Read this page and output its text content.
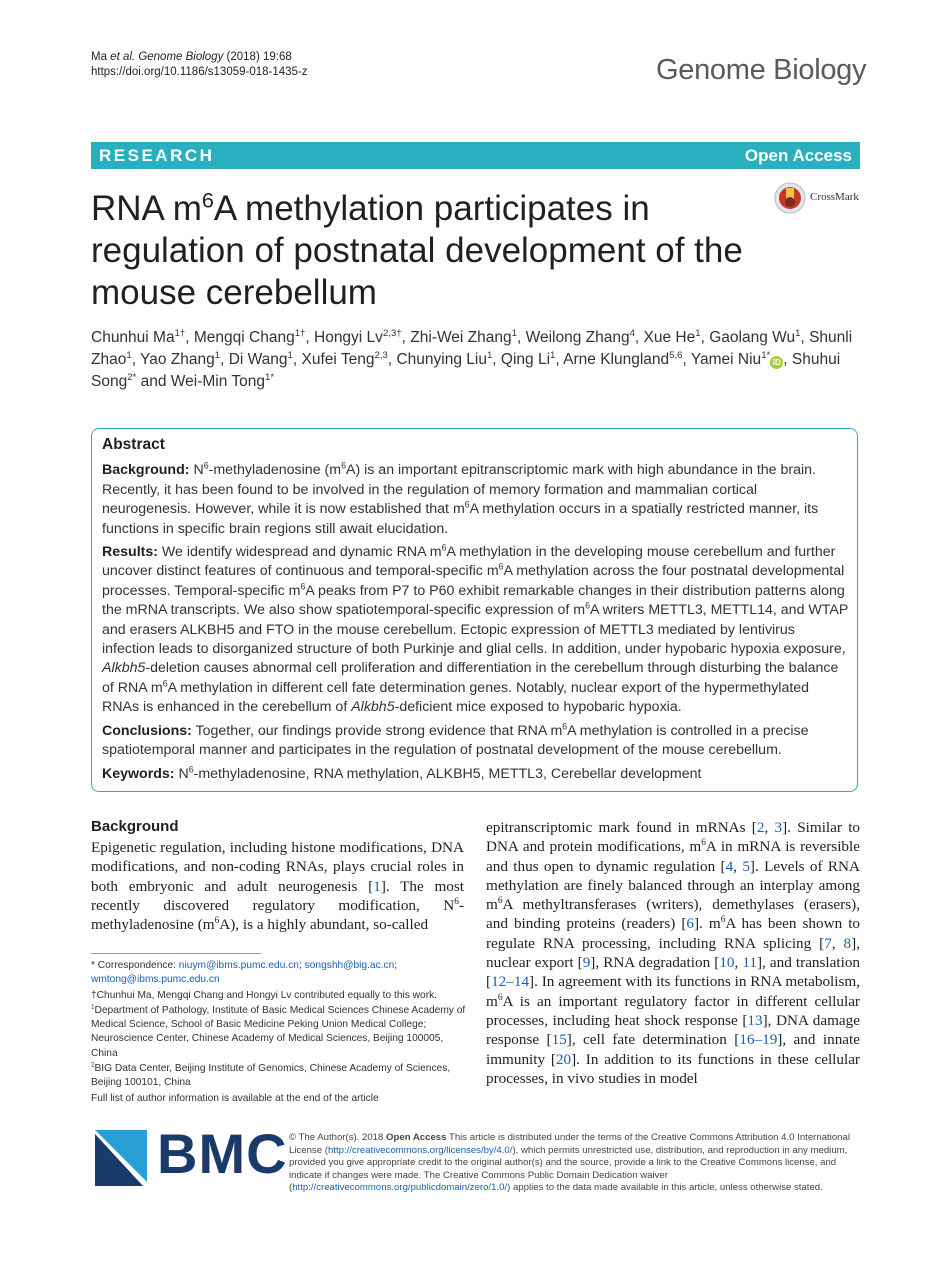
Ma et al. Genome Biology (2018) 19:68
https://doi.org/10.1186/s13059-018-1435-z	Genome Biology
RESEARCH	Open Access
CrossMark
RNA $m^6A$ methylation participates in regulation of postnatal development of the mouse cerebellum
Chunhui $Ma^{1\dagger}$, Mengqi Chang$^{1\dagger}$, Hongyi $Lv^{2,3\dagger}$, Zhi-Wei Zhang$^1$, Weilong Zhang$^4$, Xue He$^1$, Gaolang Wu$^1$, Shunli Zhao$^1$, Yao Zhang$^1$, Di Wang$^1$, Xufei Teng$^{2,3}$, Chunying Liu$^1$, Qing Li$^1$, Arne Klungland$^{5,6}$, Yamei Niu$^{1*}$iD , Shuhui Song$^{2*}$ and Wei-Min Tong$^{1*}$
Abstract

Background: $N^6$-methyladenosine $(m^6A)$ is an important epitranscriptomic mark with high abundance in the brain. Recently, it has been found to be involved in the regulation of memory formation and mammalian cortical neurogenesis. However, while it is now established that $m^6A$ methylation occurs in a spatially restricted manner, its functions in specific brain regions still await elucidation.

Results: We identify widespread and dynamic RNA $m^6A$ methylation in the developing mouse cerebellum and further uncover distinct features of continuous and temporal-specific $m^6A$ methylation across the four postnatal developmental processes. Temporal-specific $m^6A$ peaks from P7 to P60 exhibit remarkable changes in their distribution patterns along the mRNA transcripts. We also show spatiotemporal-specific expression of $m^6A$ writers METTL3, METTL14, and WTAP and erasers ALKBH5 and FTO in the mouse cerebellum. Ectopic expression of METTL3 mediated by lentivirus infection leads to disorganized structure of both Purkinje and glial cells. In addition, under hypobaric hypoxia exposure, Alkbh5-deletion causes abnormal cell proliferation and differentiation in the cerebellum through disturbing the balance of RNA $m^6A$ methylation in different cell fate determination genes. Notably, nuclear export of the hypermethylated RNAs is enhanced in the cerebellum of Alkbh5-deficient mice exposed to hypobaric hypoxia.

Conclusions: Together, our findings provide strong evidence that RNA $m^6A$ methylation is controlled in a precise spatiotemporal manner and participates in the regulation of postnatal development of the mouse cerebellum.

Keywords: $N^6$-methyladenosine, RNA methylation, ALKBH5, METTL3, Cerebellar development

Background
Epigenetic regulation, including histone modifications, DNA modifications, and non-coding RNAs, plays crucial roles in both embryonic and adult neurogenesis [1]. The most recently discovered regulatory modification, $N^6$-methyladenosine $(m^6A)$, is a highly abundant, so-called
epitranscriptomic mark found in mRNAs [2, 3]. Similar to DNA and protein modifications, $m^6A$ in mRNA is reversible and thus open to dynamic regulation [4, 5]. Levels of RNA methylation are finely balanced through an interplay among $m^6A$ methyltransferases (writers), demethylases (erasers), and binding proteins (readers) [6]. $m^6A$ has been shown to regulate RNA processing, including RNA splicing [7, 8], nuclear export [9], RNA degradation [10, 11], and translation [12–14]. In agreement with its functions in RNA metabolism, $m^6A$ is an important regulatory factor in different cellular processes, including heat shock response [13], DNA damage response [15], cell fate determination [16–19], and innate immunity [20]. In addition to its functions in these cellular processes, in vivo studies in model

* Correspondence: niuym@ibms.pumc.edu.cn; songshh@big.ac.cn;
wmtong@ibms.pumc.edu.cn

†Chunhui Ma, Mengqi Chang and Hongyi Lv contributed equally to this work.

$^1$Department of Pathology, Institute of Basic Medical Sciences Chinese Academy of Medical Science, School of Basic Medicine Peking Union Medical College; Neuroscience Center, Chinese Academy of Medical Sciences, Beijing 100005, China

$^2$BIG Data Center, Beijing Institute of Genomics, Chinese Academy of Sciences, Beijing 100101, China

Full list of author information is available at the end of the article

BMC © The Author(s). 2018 Open Access This article is distributed under the terms of the Creative Commons Attribution 4.0 International License (http://creativecommons.org/licenses/by/4.0/), which permits unrestricted use, distribution, and reproduction in any medium, provided you give appropriate credit to the original author(s) and the source, provide a link to the Creative Commons license, and indicate if changes were made. The Creative Commons Public Domain Dedication waiver (http://creativecommons.org/publicdomain/zero/1.0/) applies to the data made available in this article, unless otherwise stated.
